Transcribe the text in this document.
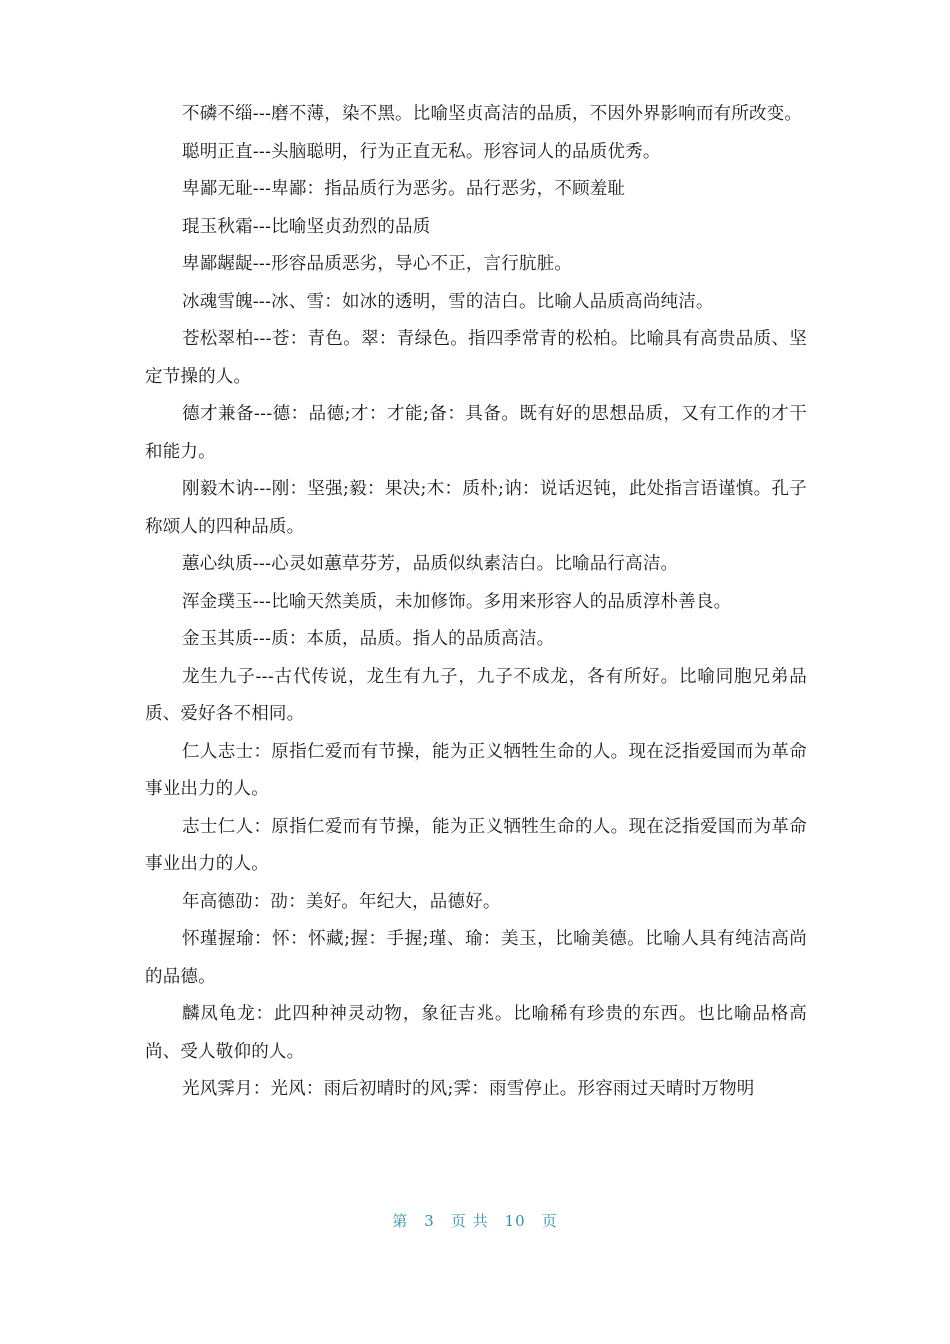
不磷不缁---磨不薄，染不黑。比喻坚贞高洁的品质，不因外界影响而有所改变。

聪明正直---头脑聪明，行为正直无私。形容词人的品质优秀。

卑鄙无耻---卑鄙：指品质行为恶劣。品行恶劣，不顾羞耻

琨玉秋霜---比喻坚贞劲烈的品质

卑鄙龌龊---形容品质恶劣，导心不正，言行肮脏。

冰魂雪魄---冰、雪：如冰的透明，雪的洁白。比喻人品质高尚纯洁。

苍松翠柏---苍：青色。翠：青绿色。指四季常青的松柏。比喻具有高贵品质、坚定节操的人。

德才兼备---德：品德;才：才能;备：具备。既有好的思想品质，又有工作的才干和能力。

刚毅木讷---刚：坚强;毅：果决;木：质朴;讷：说话迟钝，此处指言语谨慎。孔子称颂人的四种品质。

蕙心纨质---心灵如蕙草芬芳，品质似纨素洁白。比喻品行高洁。

浑金璞玉---比喻天然美质，未加修饰。多用来形容人的品质淳朴善良。

金玉其质---质：本质，品质。指人的品质高洁。

龙生九子---古代传说，龙生有九子，九子不成龙，各有所好。比喻同胞兄弟品质、爱好各不相同。

仁人志士：原指仁爱而有节操，能为正义牺牲生命的人。现在泛指爱国而为革命事业出力的人。

志士仁人：原指仁爱而有节操，能为正义牺牲生命的人。现在泛指爱国而为革命事业出力的人。

年高德劭：劭：美好。年纪大，品德好。

怀瑾握瑜：怀：怀藏;握：手握;瑾、瑜：美玉，比喻美德。比喻人具有纯洁高尚的品德。

麟凤龟龙：此四种神灵动物，象征吉兆。比喻稀有珍贵的东西。也比喻品格高尚、受人敬仰的人。

光风霁月：光风：雨后初晴时的风;霁：雨雪停止。形容雨过天晴时万物明

第 3 页 共 10 页
